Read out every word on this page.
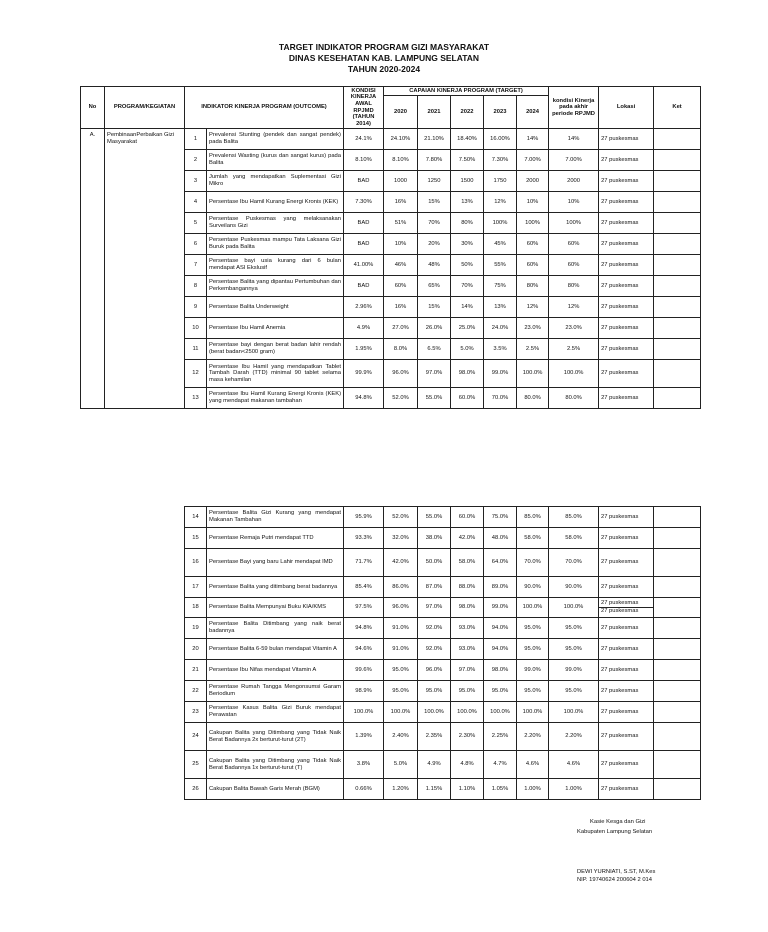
TARGET INDIKATOR PROGRAM GIZI MASYARAKAT
DINAS KESEHATAN KAB. LAMPUNG SELATAN
TAHUN 2020-2024
No	PROGRAM/KEGIATAN	INDIKATOR KINERJA PROGRAM (OUTCOME)		KONDISI KINERJA AWAL RPJMD (TAHUN 2014)	CAPAIAN KINERJA PROGRAM (TARGET)					kondisi Kinerja pada akhir periode RPJMD	Lokasi	Ket
					2020	2021	2022	2023	2024			
A.	PembinaanPerbaikan Gizi Masyarakat	1	Prevalensi Stunting (pendek dan sangat pendek) pada Balita	24.1%	24.10%	21.10%	18.40%	16.00%	14%	14%	27 puskesmas	
		2	Prevalensi Wasting (kurus dan sangat kurus) pada Balita	8.10%	8.10%	7.80%	7.50%	7.30%	7.00%	7.00%	27 puskesmas	
		3	Jumlah yang mendapatkan Suplementasi Gizi Mikro	BAD	1000	1250	1500	1750	2000	2000	27 puskesmas	
		4	Persentase Ibu Hamil Kurang Energi Kronis (KEK)	7.30%	16%	15%	13%	12%	10%	10%	27 puskesmas	
		5	Persentase Puskesmas yang melaksanakan Surveilans Gizi	BAD	51%	70%	80%	100%	100%	100%	27 puskesmas	
		6	Persentase Puskesmas mampu Tata Laksana Gizi Buruk pada Balita	BAD	10%	20%	30%	45%	60%	60%	27 puskesmas	
		7	Persentase bayi usia kurang dari 6 bulan mendapat ASI Ekslusif	41.00%	46%	48%	50%	55%	60%	60%	27 puskesmas	
		8	Persentase Balita yang dipantau Pertumbuhan dan Perkembangannya	BAD	60%	65%	70%	75%	80%	80%	27 puskesmas	
		9	Persentase Balita Underweight	2.96%	16%	15%	14%	13%	12%	12%	27 puskesmas	
		10	Persentase Ibu Hamil Anemia	4.9%	27.0%	26.0%	25.0%	24.0%	23.0%	23.0%	27 puskesmas	
		11	Persentase bayi dengan berat badan lahir rendah (berat badan<2500 gram)	1.95%	8.0%	6.5%	5.0%	3.5%	2.5%	2.5%	27 puskesmas	
		12	Persentase Ibu Hamil yang mendapatkan Tablet Tambah Darah (TTD) minimal 90 tablet selama masa kehamilan	99.9%	96.0%	97.0%	98.0%	99.0%	100.0%	100.0%	27 puskesmas	
		13	Persentase Ibu Hamil Kurang Energi Kronis (KEK) yang mendapat makanan tambahan	94.8%	52.0%	55.0%	60.0%	70.0%	80.0%	80.0%	27 puskesmas	
14	Persentase Balita Gizi Kurang yang mendapat Makanan Tambahan	95.9%	52.0%	55.0%	60.0%	75.0%	85.0%	85.0%	27 puskesmas	
15	Persentase Remaja Putri mendapat TTD	93.3%	32.0%	38.0%	42.0%	48.0%	58.0%	58.0%	27 puskesmas	
16	Persentase Bayi yang baru Lahir mendapat IMD	71.7%	42.0%	50.0%	58.0%	64.0%	70.0%	70.0%	27 puskesmas	
17	Persentase Balita yang ditimbang berat badannya	85.4%	86.0%	87.0%	88.0%	89.0%	90.0%	90.0%	27 puskesmas	
18	Persentase Balita Mempunyai Buku KIA/KMS	97.5%	96.0%	97.0%	98.0%	99.0%	100.0%	100.0%	27 puskesmas
27 puskesmas	

19	Persentase Balita Ditimbang yang naik berat badannya	94.8%	91.0%	92.0%	93.0%	94.0%	95.0%	95.0%	27 puskesmas	
20	Persentase Balita 6-59 bulan mendapat Vitamin A	94.6%	91.0%	92.0%	93.0%	94.0%	95.0%	95.0%	27 puskesmas	
21	Persentase Ibu Nifas mendapat Vitamin A	99.6%	95.0%	96.0%	97.0%	98.0%	99.0%	99.0%	27 puskesmas	
22	Persentase Rumah Tangga Mengonsumsi Garam Beriodium	98.9%	95.0%	95.0%	95.0%	95.0%	95.0%	95.0%	27 puskesmas	
23	Persentase Kasus Balita Gizi Buruk mendapat Perawatan	100.0%	100.0%	100.0%	100.0%	100.0%	100.0%	100.0%	27 puskesmas	
24	Cakupan Balita yang Ditimbang yang Tidak Naik Berat Badannya 2x berturut-turut (2T)	1.39%	2.40%	2.35%	2.30%	2.25%	2.20%	2.20%	27 puskesmas	
25	Cakupan Balita yang Ditimbang yang Tidak Naik Berat Badannya 1x berturut-turut (T)	3.8%	5.0%	4.9%	4.8%	4.7%	4.6%	4.6%	27 puskesmas	
26	Cakupan Balita Bawah Garis Merah (BGM)	0.66%	1.20%	1.15%	1.10%	1.05%	1.00%	1.00%	27 puskesmas	
Kasie Kesga dan Gizi
Kabupaten Lampung Selatan
DEWI YURNIATI, S.ST, M.Kes
NIP. 19740624 200604 2 014
